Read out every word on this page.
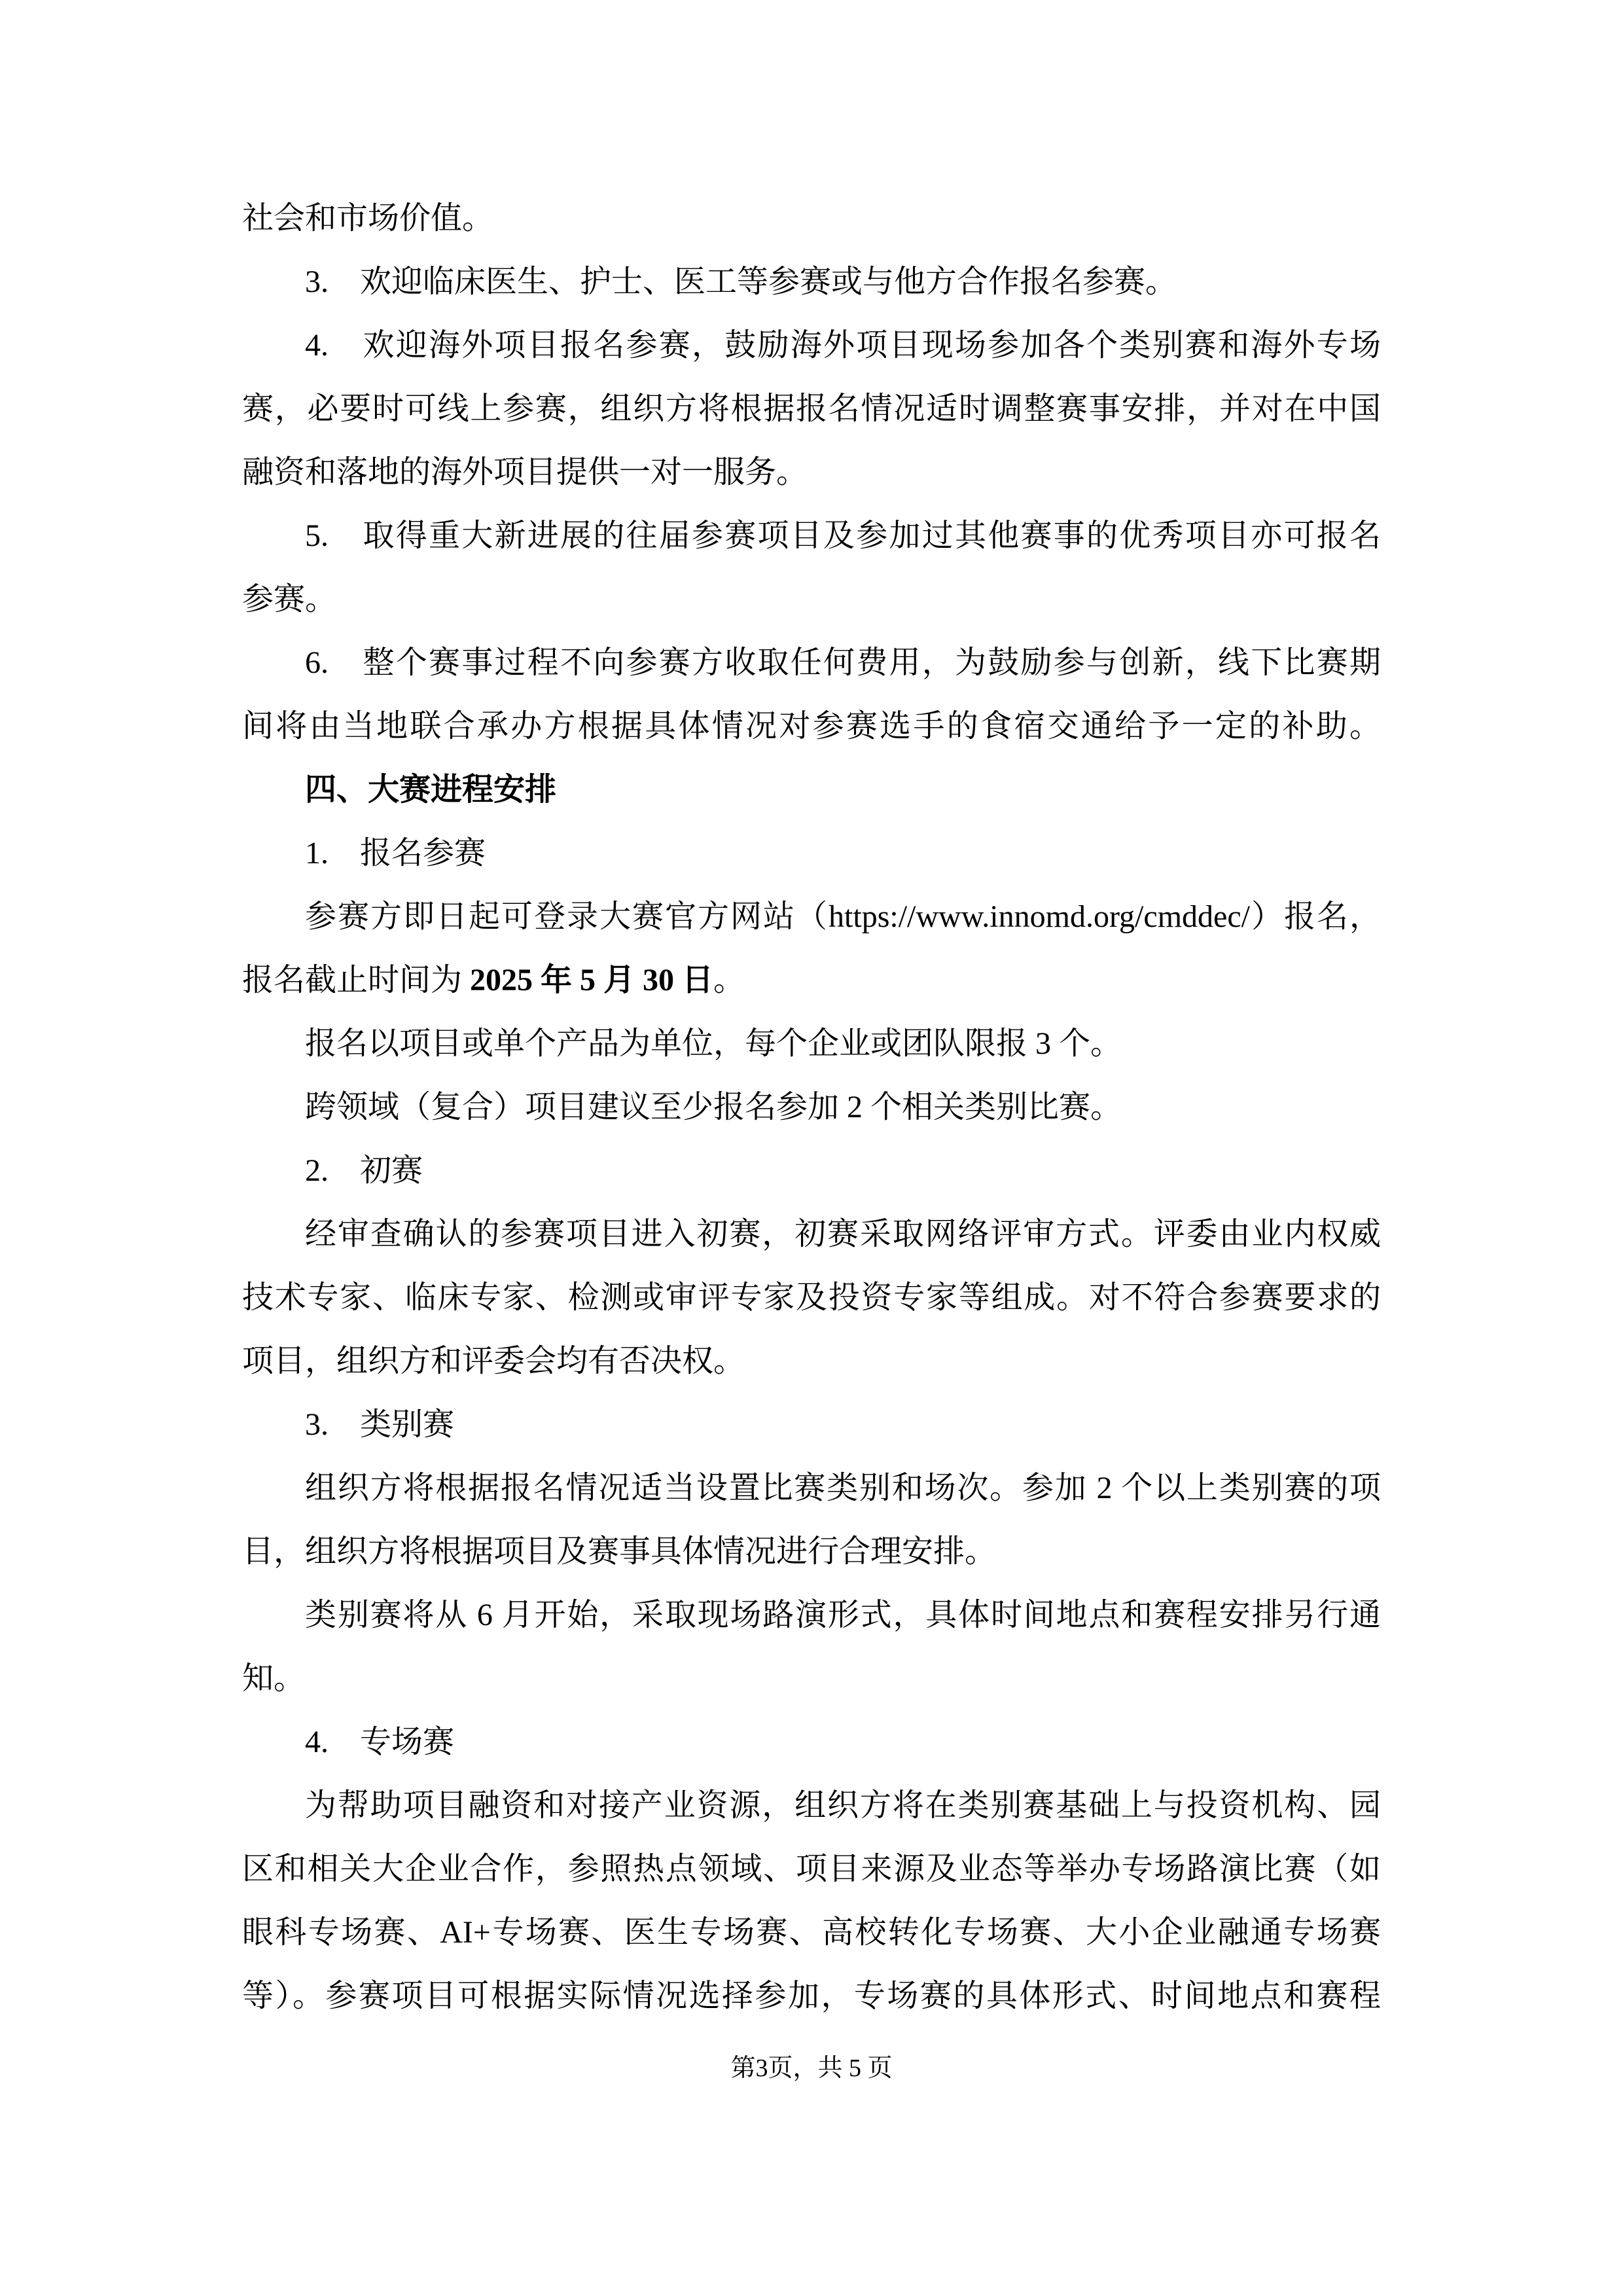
社会和市场价值。
3.　欢迎临床医生、护士、医工等参赛或与他方合作报名参赛。
4.　欢迎海外项目报名参赛，鼓励海外项目现场参加各个类别赛和海外专场
赛，必要时可线上参赛，组织方将根据报名情况适时调整赛事安排，并对在中国
融资和落地的海外项目提供一对一服务。
5.　取得重大新进展的往届参赛项目及参加过其他赛事的优秀项目亦可报名
参赛。
6.　整个赛事过程不向参赛方收取任何费用，为鼓励参与创新，线下比赛期
间将由当地联合承办方根据具体情况对参赛选手的食宿交通给予一定的补助。
四、大赛进程安排
1.　报名参赛
参赛方即日起可登录大赛官方网站（https://www.innomd.org/cmddec/）报名，
报名截止时间为 2025 年 5 月 30 日。
报名以项目或单个产品为单位，每个企业或团队限报 3 个。
跨领域（复合）项目建议至少报名参加 2 个相关类别比赛。
2.　初赛
经审查确认的参赛项目进入初赛，初赛采取网络评审方式。评委由业内权威
技术专家、临床专家、检测或审评专家及投资专家等组成。对不符合参赛要求的
项目，组织方和评委会均有否决权。
3.　类别赛
组织方将根据报名情况适当设置比赛类别和场次。参加 2 个以上类别赛的项
目，组织方将根据项目及赛事具体情况进行合理安排。
类别赛将从 6 月开始，采取现场路演形式，具体时间地点和赛程安排另行通
知。
4.　专场赛
为帮助项目融资和对接产业资源，组织方将在类别赛基础上与投资机构、园
区和相关大企业合作，参照热点领域、项目来源及业态等举办专场路演比赛（如
眼科专场赛、AI+专场赛、医生专场赛、高校转化专场赛、大小企业融通专场赛
等）。参赛项目可根据实际情况选择参加，专场赛的具体形式、时间地点和赛程
第3页，共 5 页
